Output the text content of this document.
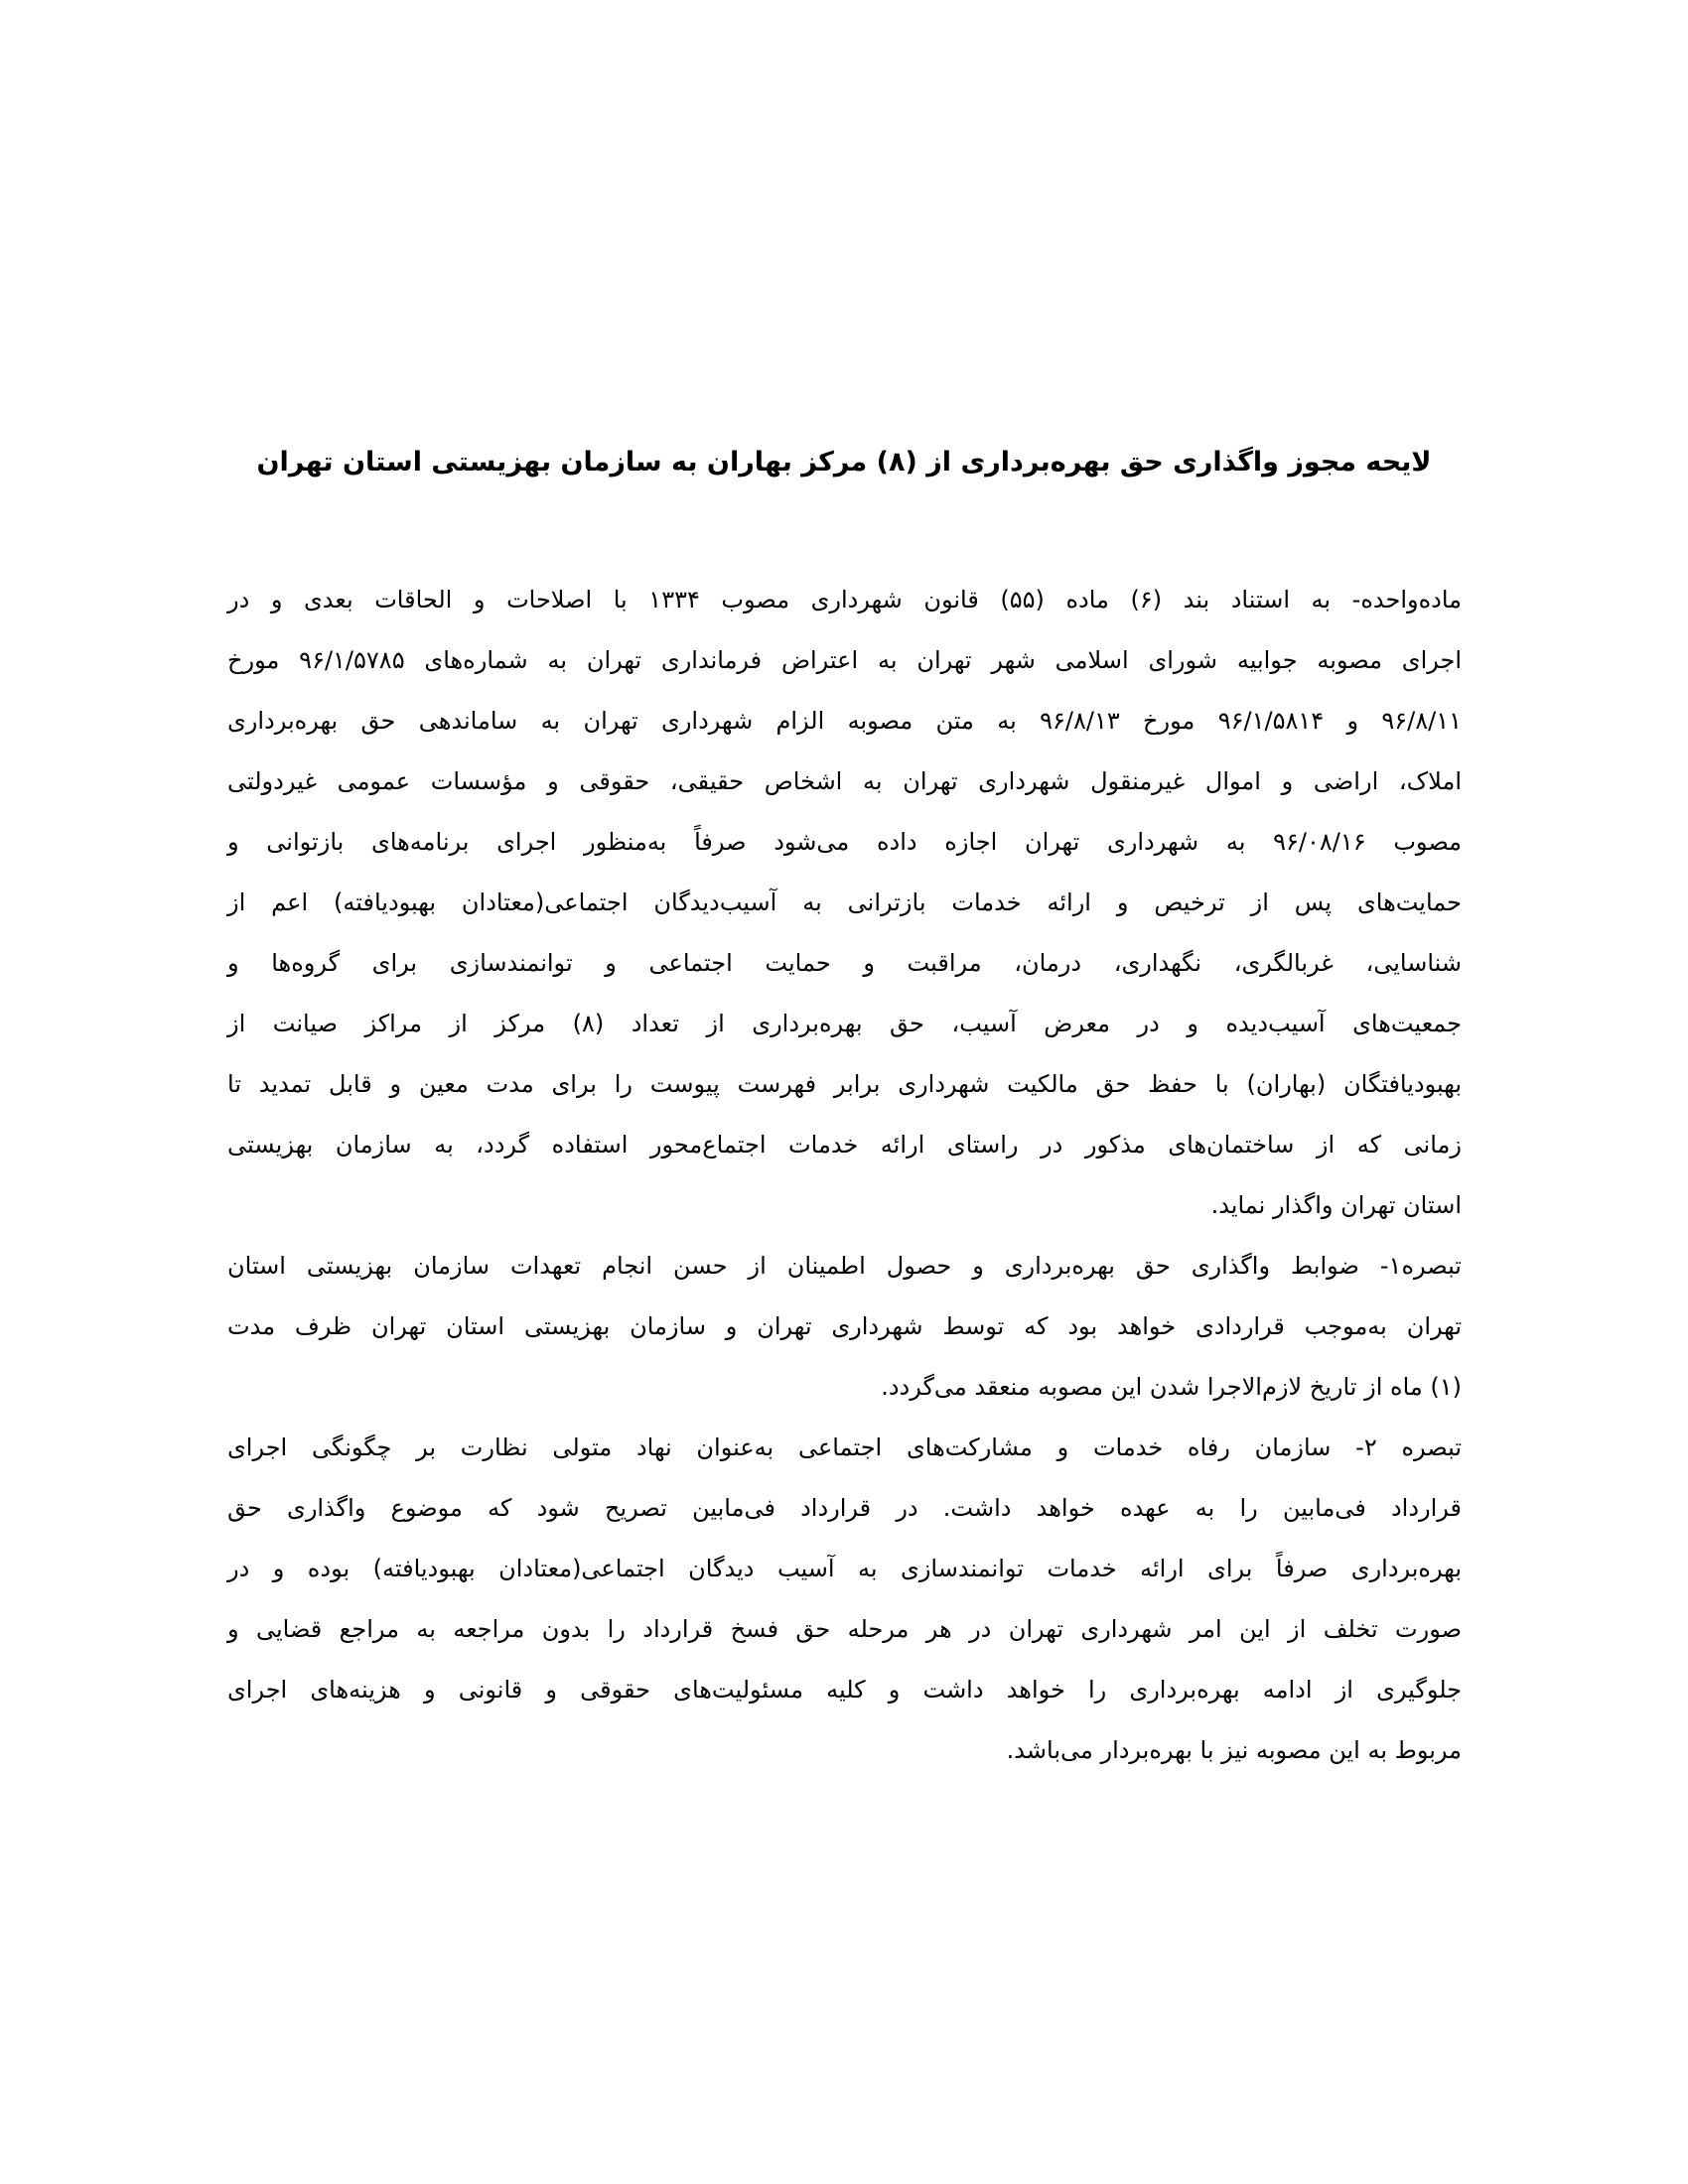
لایحه مجوز واگذاری حق بهره‌برداری از (۸) مرکز بهاران به سازمان بهزیستی استان تهران
ماده‌واحده- به استناد بند (۶) ماده (۵۵) قانون شهرداری مصوب ۱۳۳۴ با اصلاحات و الحاقات بعدی و در
اجرای مصوبه جوابیه شورای اسلامی شهر تهران به اعتراض فرمانداری تهران به شماره‌های ۹۶/۱/۵۷۸۵ مورخ
۹۶/۸/۱۱ و ۹۶/۱/۵۸۱۴ مورخ ۹۶/۸/۱۳ به متن مصوبه الزام شهرداری تهران به ساماندهی حق بهره‌برداری
املاک، اراضی و اموال غیرمنقول شهرداری تهران به اشخاص حقیقی، حقوقی و مؤسسات عمومی غیردولتی
مصوب ۹۶/۰۸/۱۶ به شهرداری تهران اجازه داده می‌شود صرفاً به‌منظور اجرای برنامه‌های بازتوانی و
حمایت‌های پس از ترخیص و ارائه خدمات بازترانی به آسیب‌دیدگان اجتماعی(معتادان بهبودیافته) اعم از
شناسایی، غربالگری، نگهداری، درمان، مراقبت و حمایت اجتماعی و توانمندسازی برای گروه‌ها و
جمعیت‌های آسیب‌دیده و در معرض آسیب، حق بهره‌برداری از تعداد (۸) مرکز از مراکز صیانت از
بهبودیافتگان (بهاران) با حفظ حق مالکیت شهرداری برابر فهرست پیوست را برای مدت معین و قابل تمدید تا
زمانی که از ساختمان‌های مذکور در راستای ارائه خدمات اجتماع‌محور استفاده گردد، به سازمان بهزیستی
استان تهران واگذار نماید.
تبصره۱- ضوابط واگذاری حق بهره‌برداری و حصول اطمینان از حسن انجام تعهدات سازمان بهزیستی استان
تهران به‌موجب قراردادی خواهد بود که توسط شهرداری تهران و سازمان بهزیستی استان تهران ظرف مدت
(۱) ماه از تاریخ لازم‌الاجرا شدن این مصوبه منعقد می‌گردد.
تبصره ۲- سازمان رفاه خدمات و مشارکت‌های اجتماعی به‌عنوان نهاد متولی نظارت بر چگونگی اجرای
قرارداد فی‌مابین را به عهده خواهد داشت. در قرارداد فی‌مابین تصریح شود که موضوع واگذاری حق
بهره‌برداری صرفاً برای ارائه خدمات توانمندسازی به آسیب دیدگان اجتماعی(معتادان بهبودیافته) بوده و در
صورت تخلف از این امر شهرداری تهران در هر مرحله حق فسخ قرارداد را بدون مراجعه به مراجع قضایی و
جلوگیری از ادامه بهره‌برداری را خواهد داشت و کلیه مسئولیت‌های حقوقی و قانونی و هزینه‌های اجرای
مربوط به این مصوبه نیز با بهره‌بردار می‌باشد.
